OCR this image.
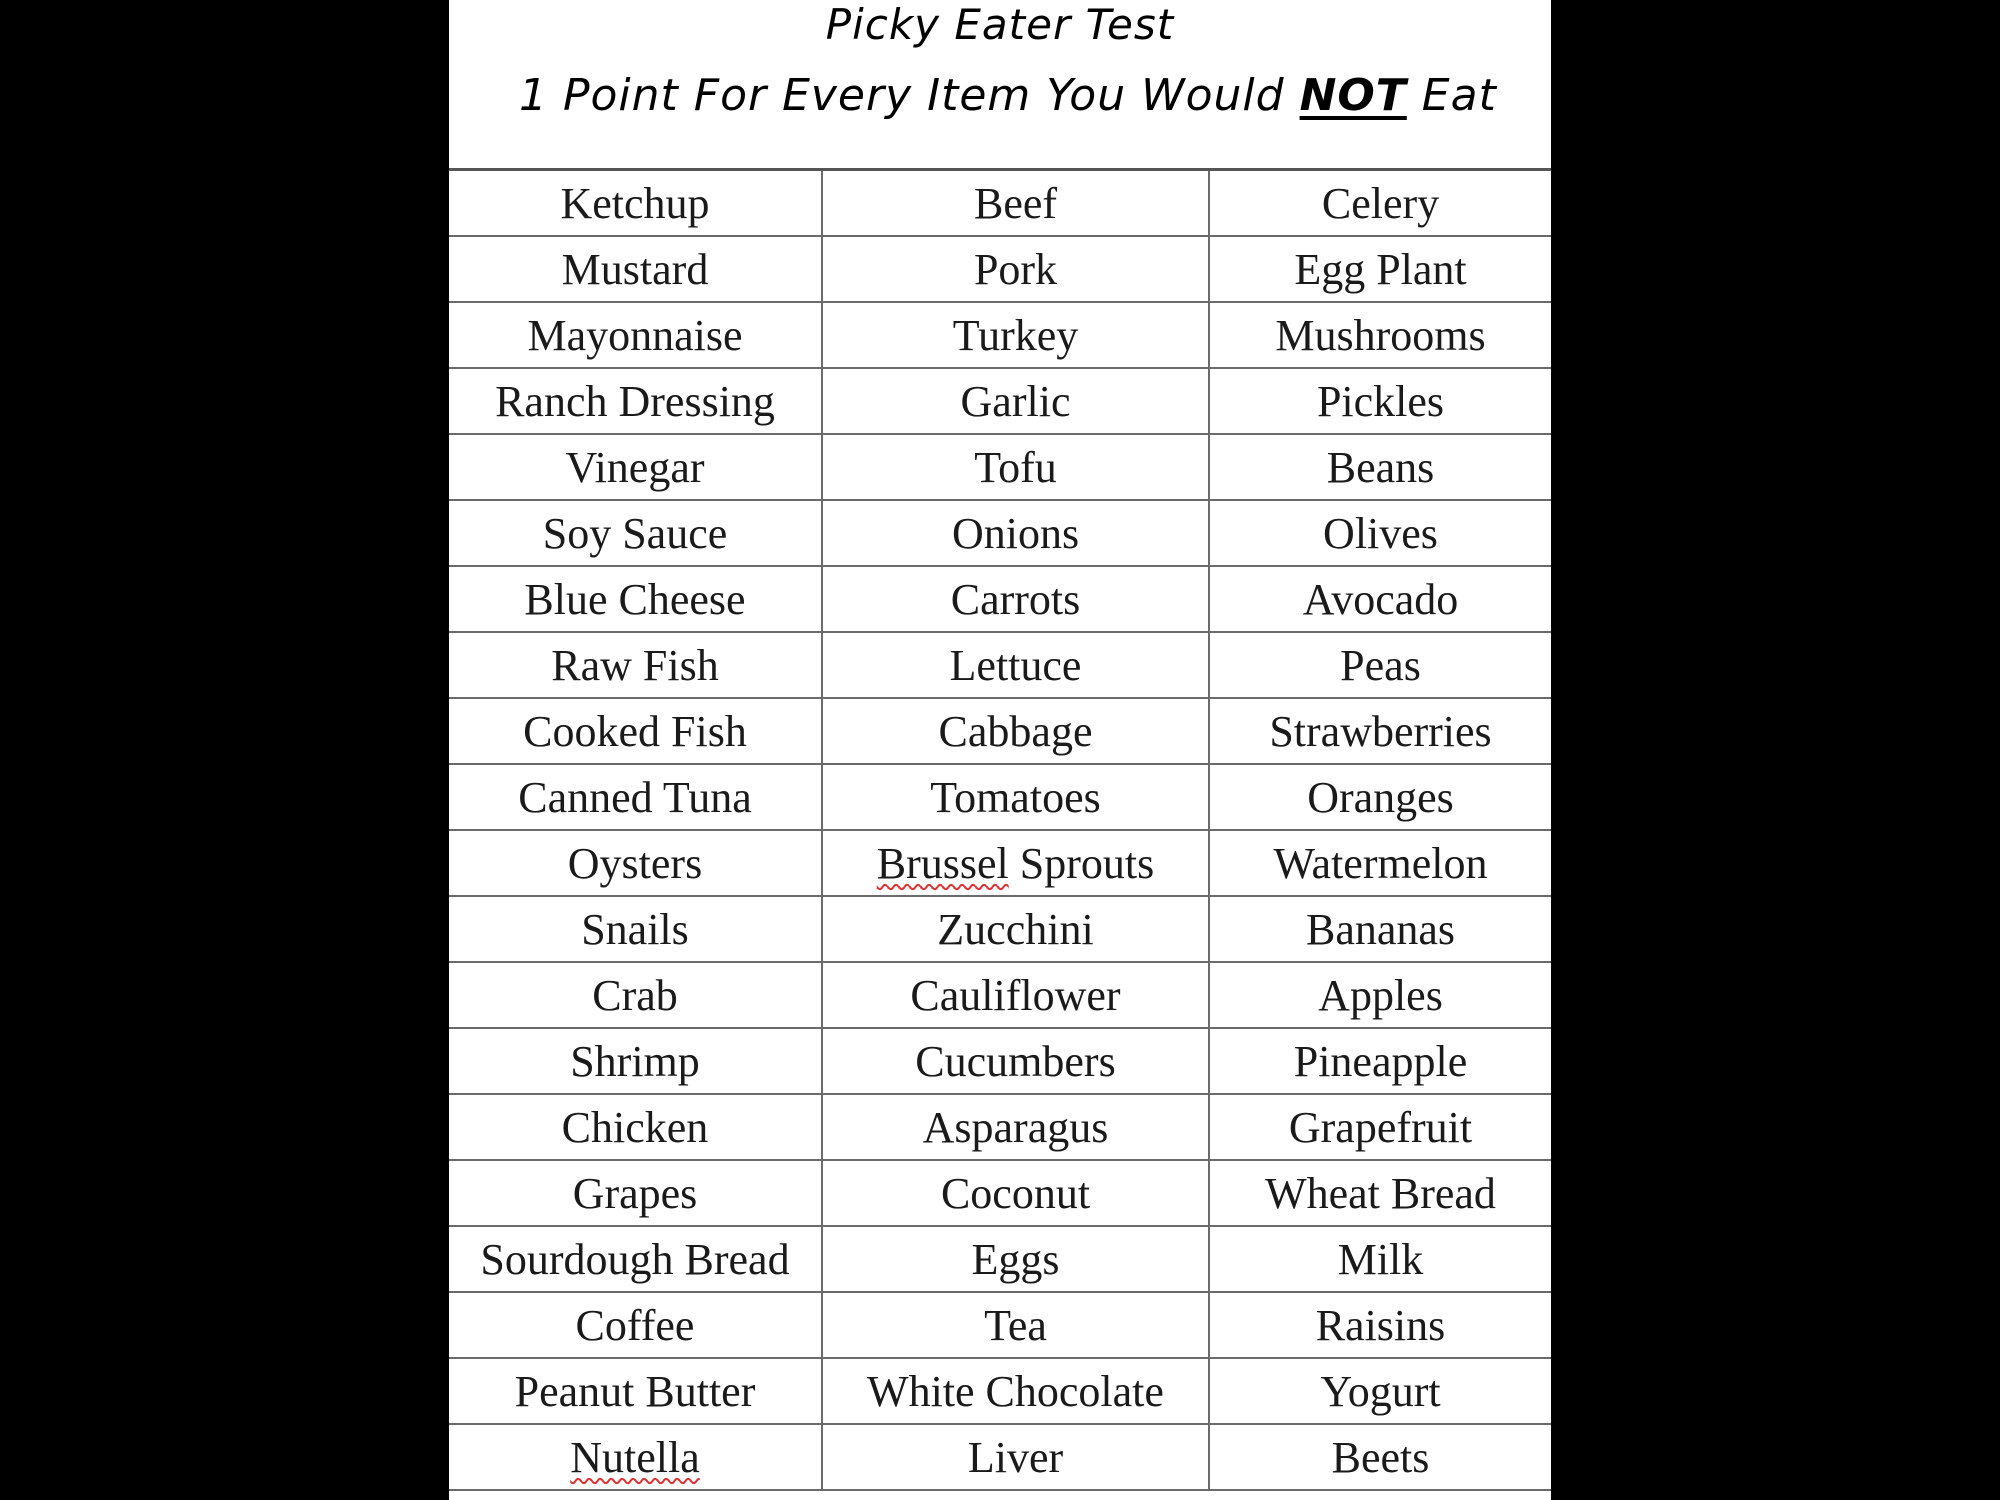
Picky Eater Test
1 Point For Every Item You Would NOT Eat
Ketchup	Beef	Celery
Mustard	Pork	Egg Plant
Mayonnaise	Turkey	Mushrooms
Ranch Dressing	Garlic	Pickles
Vinegar	Tofu	Beans
Soy Sauce	Onions	Olives
Blue Cheese	Carrots	Avocado
Raw Fish	Lettuce	Peas
Cooked Fish	Cabbage	Strawberries
Canned Tuna	Tomatoes	Oranges
Oysters	Brussel Sprouts	Watermelon
Snails	Zucchini	Bananas
Crab	Cauliflower	Apples
Shrimp	Cucumbers	Pineapple
Chicken	Asparagus	Grapefruit
Grapes	Coconut	Wheat Bread
Sourdough Bread	Eggs	Milk
Coffee	Tea	Raisins
Peanut Butter	White Chocolate	Yogurt
Nutella	Liver	Beets
